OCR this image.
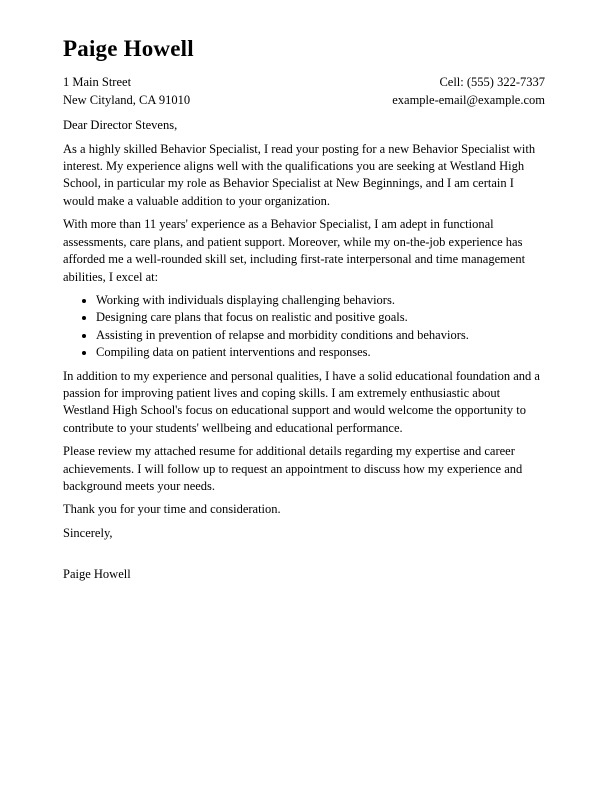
Paige Howell
1 Main Street
New Cityland, CA 91010
Cell: (555) 322-7337
example-email@example.com

Dear Director Stevens,

As a highly skilled Behavior Specialist, I read your posting for a new Behavior Specialist with interest. My experience aligns well with the qualifications you are seeking at Westland High School, in particular my role as Behavior Specialist at New Beginnings, and I am certain I would make a valuable addition to your organization.

With more than 11 years' experience as a Behavior Specialist, I am adept in functional assessments, care plans, and patient support. Moreover, while my on-the-job experience has afforded me a well-rounded skill set, including first-rate interpersonal and time management abilities, I excel at:

• Working with individuals displaying challenging behaviors.
• Designing care plans that focus on realistic and positive goals.
• Assisting in prevention of relapse and morbidity conditions and behaviors.
• Compiling data on patient interventions and responses.

In addition to my experience and personal qualities, I have a solid educational foundation and a passion for improving patient lives and coping skills. I am extremely enthusiastic about Westland High School's focus on educational support and would welcome the opportunity to contribute to your students' wellbeing and educational performance.

Please review my attached resume for additional details regarding my expertise and career achievements. I will follow up to request an appointment to discuss how my experience and background meets your needs.

Thank you for your time and consideration.

Sincerely,

Paige Howell
